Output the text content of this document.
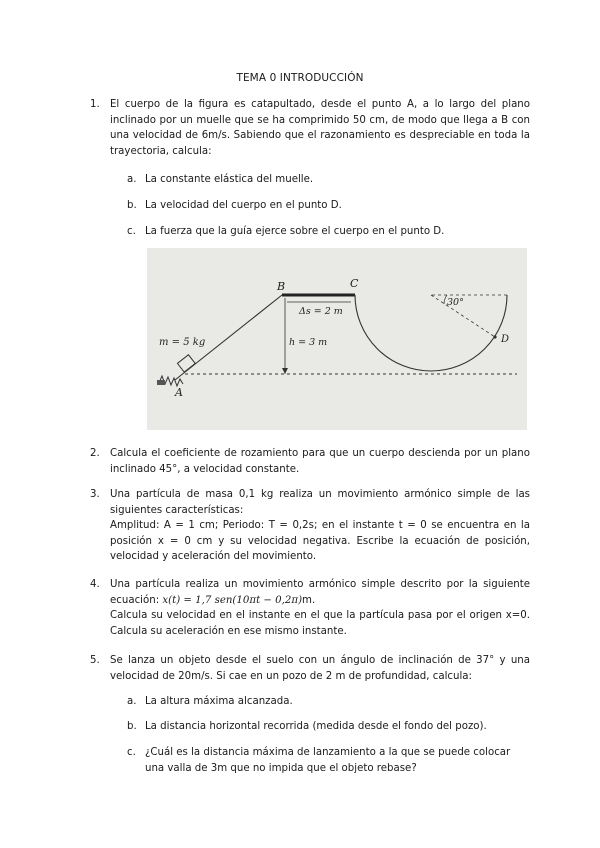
TEMA 0 INTRODUCCIÓN
1. El cuerpo de la figura es catapultado, desde el punto A, a lo largo del plano inclinado por un muelle que se ha comprimido 50 cm, de modo que llega a B con una velocidad de 6m/s. Sabiendo que el razonamiento es despreciable en toda la trayectoria, calcula:
a. La constante elástica del muelle.
b. La velocidad del cuerpo en el punto D.
c. La fuerza que la guía ejerce sobre el cuerpo en el punto D.
B	C
A
D
m = 5 kg
Δs = 2 m
h = 3 m
30°
2. Calcula el coeficiente de rozamiento para que un cuerpo descienda por un plano inclinado 45°, a velocidad constante.
3. Una partícula de masa 0,1 kg realiza un movimiento armónico simple de las siguientes características:
Amplitud: A = 1 cm; Periodo: T = 0,2s; en el instante t = 0 se encuentra en la posición x = 0 cm y su velocidad negativa. Escribe la ecuación de posición, velocidad y aceleración del movimiento.
4. Una partícula realiza un movimiento armónico simple descrito por la siguiente ecuación: x(t) = 1,7 sen(10πt − 0,2π)m.
Calcula su velocidad en el instante en el que la partícula pasa por el origen x=0. Calcula su aceleración en ese mismo instante.
5. Se lanza un objeto desde el suelo con un ángulo de inclinación de 37° y una velocidad de 20m/s. Si cae en un pozo de 2 m de profundidad, calcula:
a. La altura máxima alcanzada.
b. La distancia horizontal recorrida (medida desde el fondo del pozo).
c. ¿Cuál es la distancia máxima de lanzamiento a la que se puede colocar una valla de 3m que no impida que el objeto rebase?
